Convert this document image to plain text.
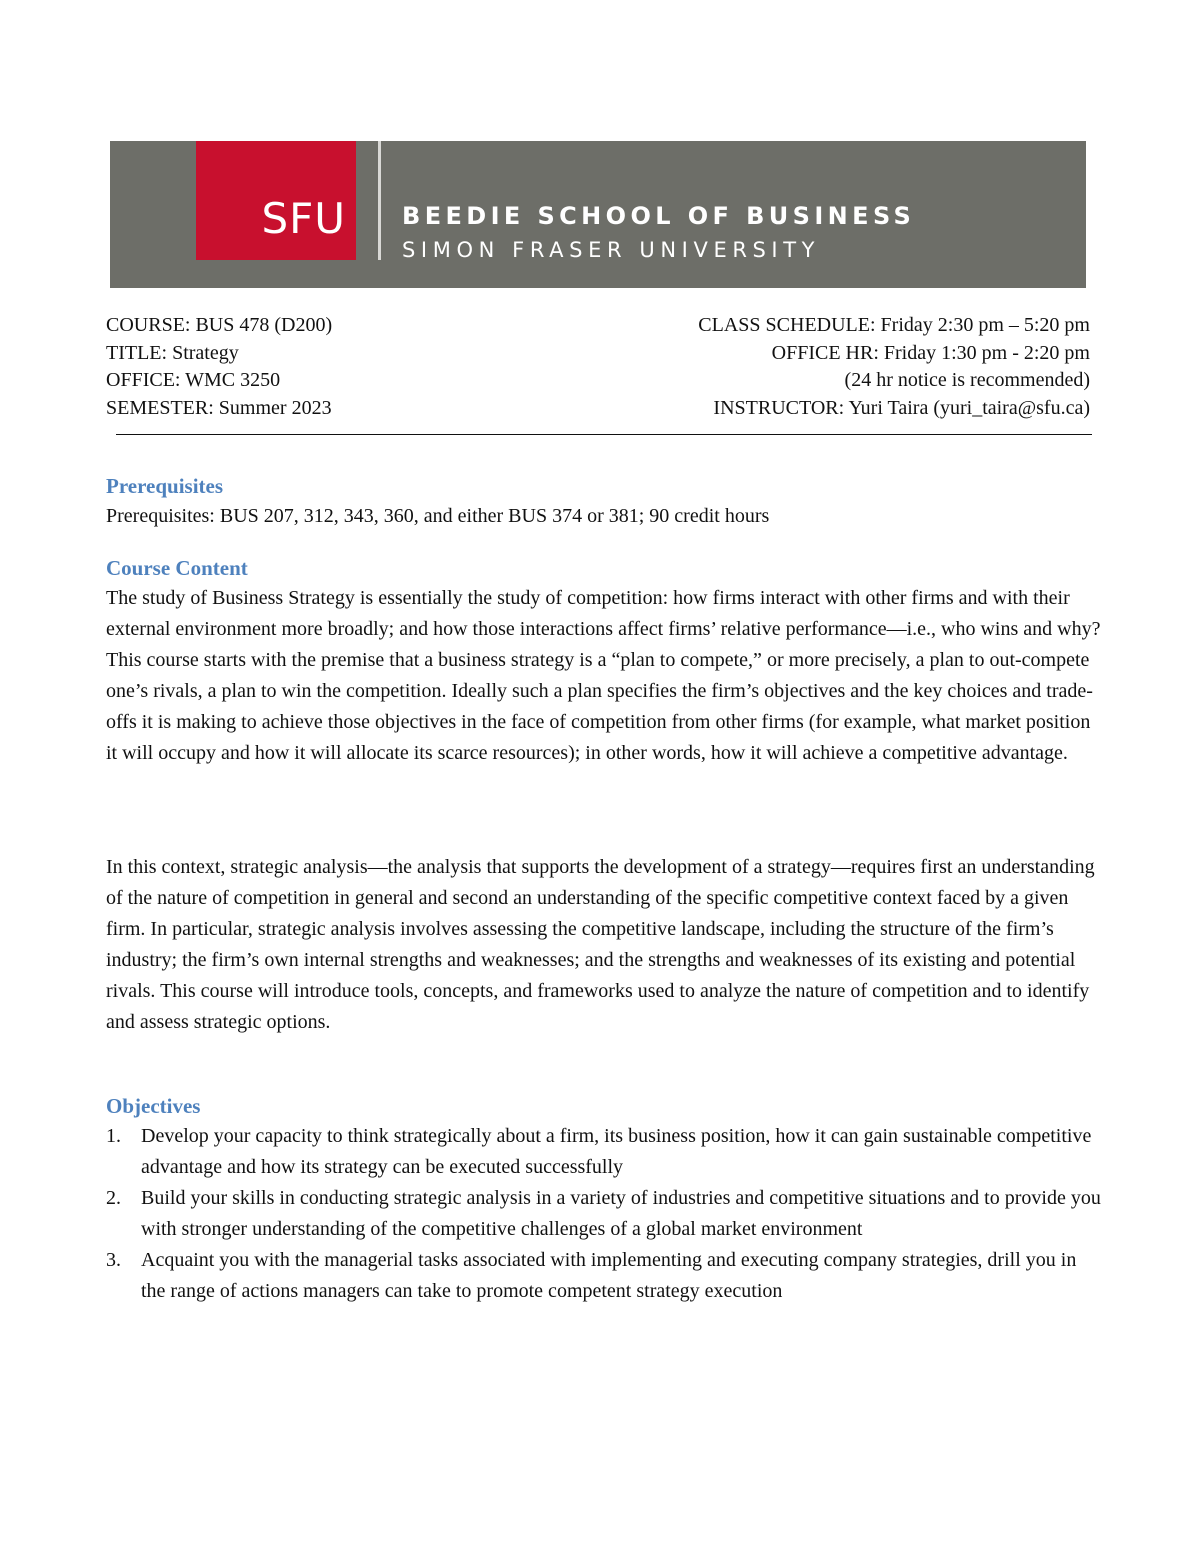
SFU BEEDIE SCHOOL OF BUSINESS
SIMON FRASER UNIVERSITY
COURSE: BUS 478 (D200)
TITLE: Strategy
OFFICE: WMC 3250
SEMESTER: Summer 2023
CLASS SCHEDULE: Friday 2:30 pm – 5:20 pm
OFFICE HR: Friday 1:30 pm - 2:20 pm
(24 hr notice is recommended)
INSTRUCTOR: Yuri Taira (yuri_taira@sfu.ca)
Prerequisites
Prerequisites: BUS 207, 312, 343, 360, and either BUS 374 or 381; 90 credit hours
Course Content
The study of Business Strategy is essentially the study of competition: how firms interact with other firms and with their external environment more broadly; and how those interactions affect firms’ relative performance—i.e., who wins and why? This course starts with the premise that a business strategy is a “plan to compete,” or more precisely, a plan to out-compete one’s rivals, a plan to win the competition. Ideally such a plan specifies the firm’s objectives and the key choices and trade-offs it is making to achieve those objectives in the face of competition from other firms (for example, what market position it will occupy and how it will allocate its scarce resources); in other words, how it will achieve a competitive advantage.
In this context, strategic analysis—the analysis that supports the development of a strategy—requires first an understanding of the nature of competition in general and second an understanding of the specific competitive context faced by a given firm. In particular, strategic analysis involves assessing the competitive landscape, including the structure of the firm’s industry; the firm’s own internal strengths and weaknesses; and the strengths and weaknesses of its existing and potential rivals. This course will introduce tools, concepts, and frameworks used to analyze the nature of competition and to identify and assess strategic options.
Objectives
1. Develop your capacity to think strategically about a firm, its business position, how it can gain sustainable competitive advantage and how its strategy can be executed successfully
2. Build your skills in conducting strategic analysis in a variety of industries and competitive situations and to provide you with stronger understanding of the competitive challenges of a global market environment
3. Acquaint you with the managerial tasks associated with implementing and executing company strategies, drill you in the range of actions managers can take to promote competent strategy execution
